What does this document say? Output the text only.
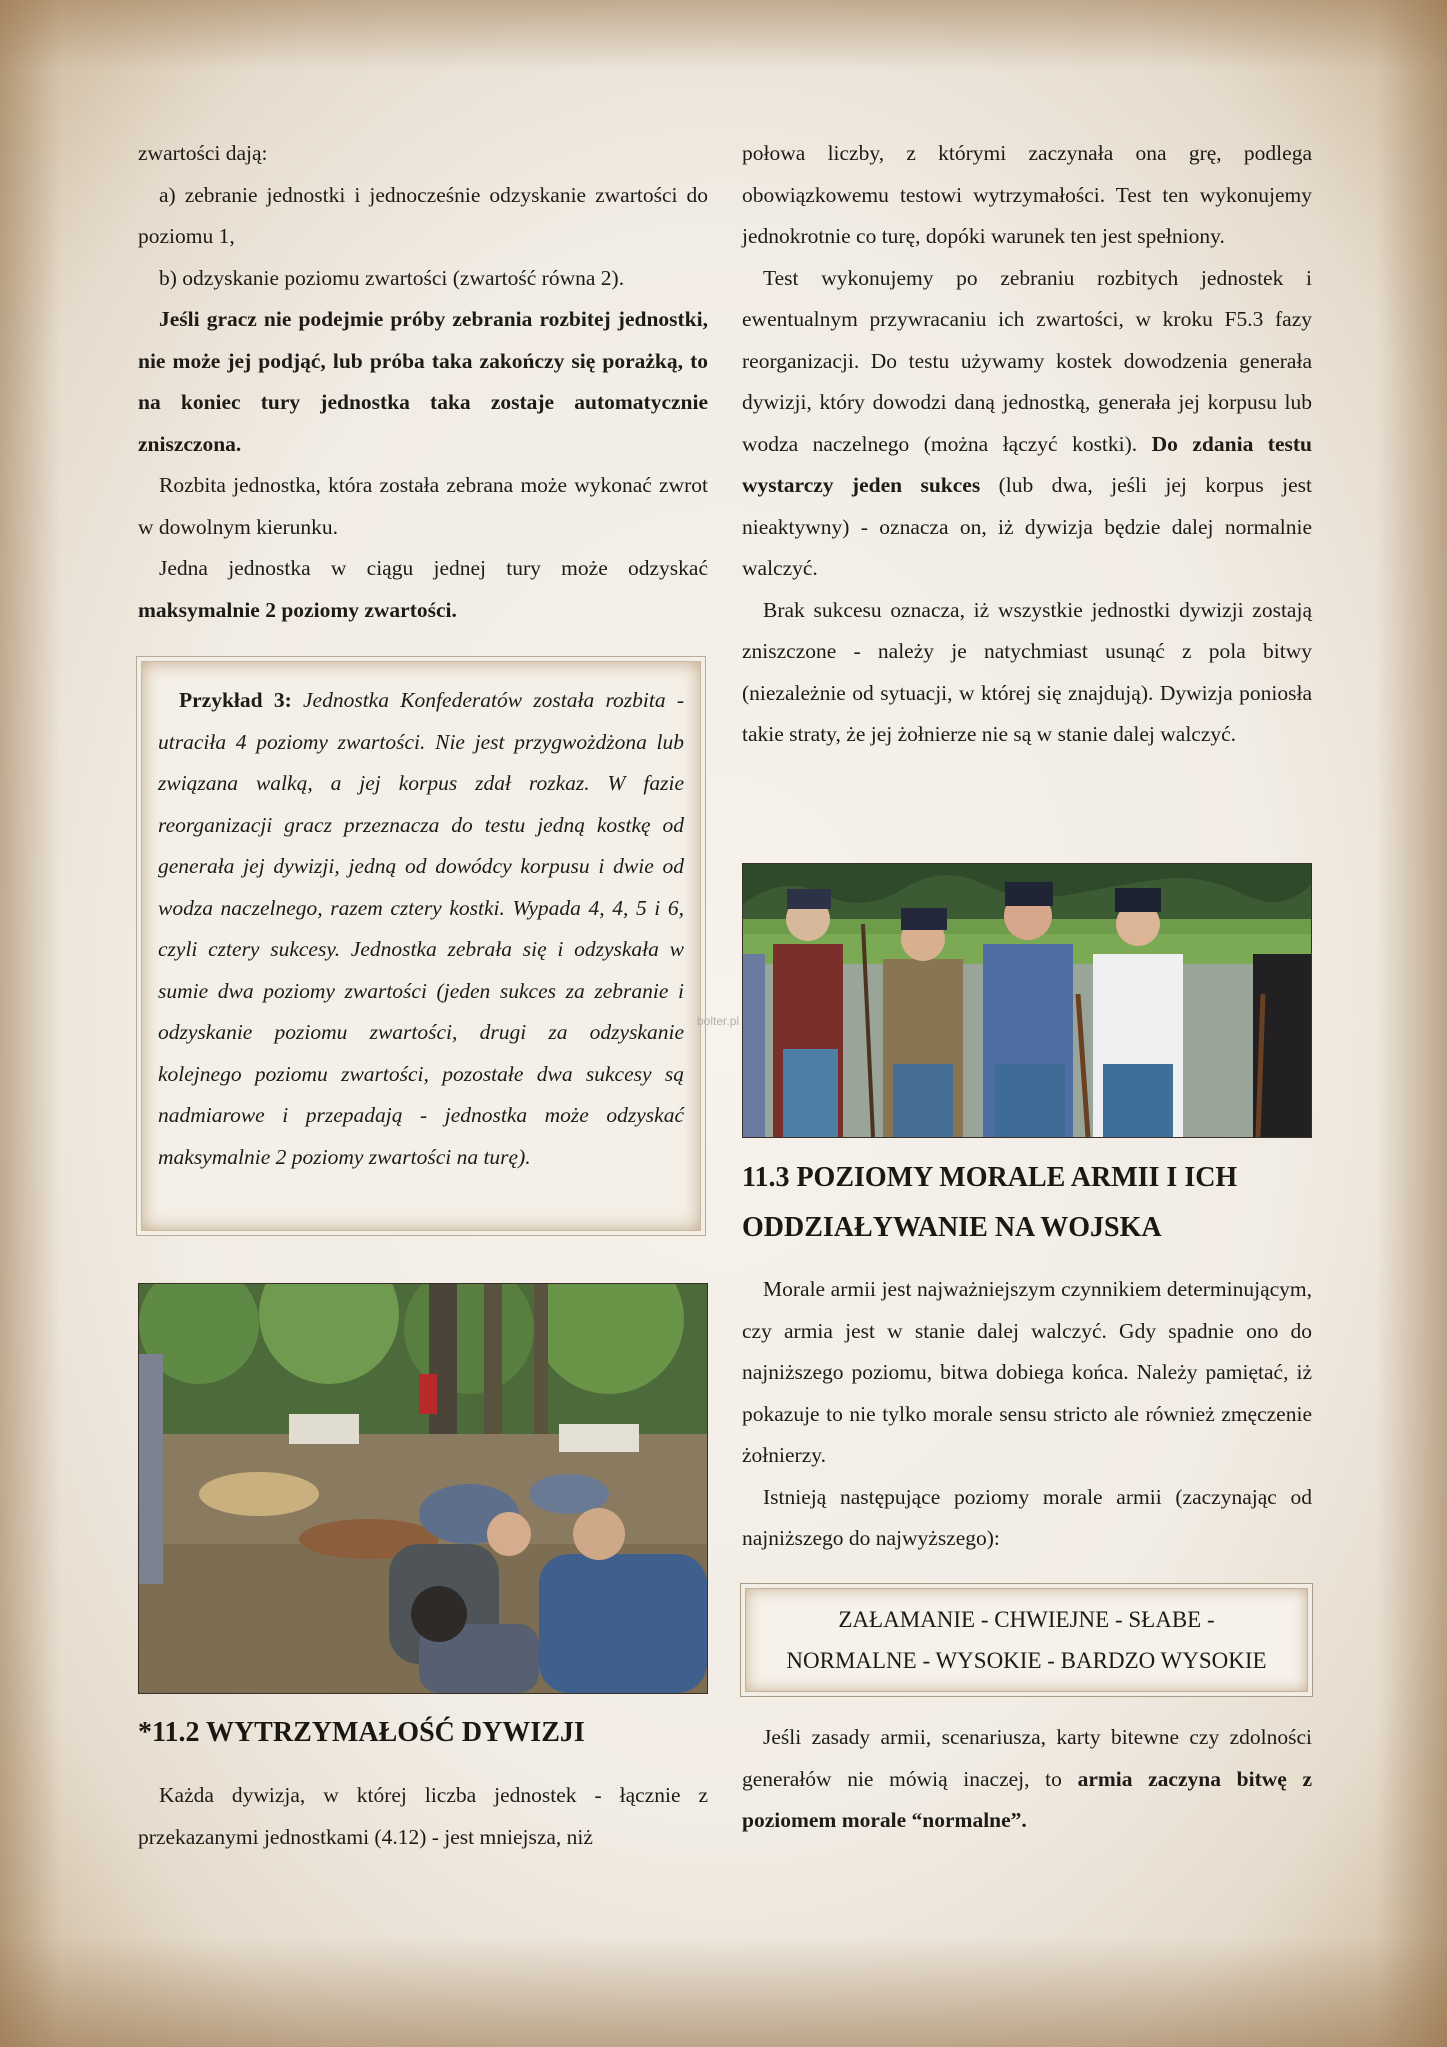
zwartości dają:

a) zebranie jednostki i jednocześnie odzyskanie zwartości do poziomu 1,

b) odzyskanie poziomu zwartości (zwartość równa 2).

Jeśli gracz nie podejmie próby zebrania rozbitej jednostki, nie może jej podjąć, lub próba taka zakończy się porażką, to na koniec tury jednostka taka zostaje automatycznie zniszczona.

Rozbita jednostka, która została zebrana może wykonać zwrot w dowolnym kierunku.

Jedna jednostka w ciągu jednej tury może odzyskać maksymalnie 2 poziomy zwartości.

Przykład 3: Jednostka Konfederatów została rozbita - utraciła 4 poziomy zwartości. Nie jest przygwożdżona lub związana walką, a jej korpus zdał rozkaz. W fazie reorganizacji gracz przeznacza do testu jedną kostkę od generała jej dywizji, jedną od dowódcy korpusu i dwie od wodza naczelnego, razem cztery kostki. Wypada 4, 4, 5 i 6, czyli cztery sukcesy. Jednostka zebrała się i odzyskała w sumie dwa poziomy zwartości (jeden sukces za zebranie i odzyskanie poziomu zwartości, drugi za odzyskanie kolejnego poziomu zwartości, pozostałe dwa sukcesy są nadmiarowe i przepadają - jednostka może odzyskać maksymalnie 2 poziomy zwartości na turę).

połowa liczby, z którymi zaczynała ona grę, podlega obowiązkowemu testowi wytrzymałości. Test ten wykonujemy jednokrotnie co turę, dopóki warunek ten jest spełniony.

Test wykonujemy po zebraniu rozbitych jednostek i ewentualnym przywracaniu ich zwartości, w kroku F5.3 fazy reorganizacji. Do testu używamy kostek dowodzenia generała dywizji, który dowodzi daną jednostką, generała jej korpusu lub wodza naczelnego (można łączyć kostki). Do zdania testu wystarczy jeden sukces (lub dwa, jeśli jej korpus jest nieaktywny) - oznacza on, iż dywizja będzie dalej normalnie walczyć.

Brak sukcesu oznacza, iż wszystkie jednostki dywizji zostają zniszczone - należy je natychmiast usunąć z pola bitwy (niezależnie od sytuacji, w której się znajdują). Dywizja poniosła takie straty, że jej żołnierze nie są w stanie dalej walczyć.

bolter.pl
11.3 POZIOMY MORALE ARMII I ICH ODDZIAŁYWANIE NA WOJSKA

Morale armii jest najważniejszym czynnikiem determinującym, czy armia jest w stanie dalej walczyć. Gdy spadnie ono do najniższego poziomu, bitwa dobiega końca. Należy pamiętać, iż pokazuje to nie tylko morale sensu stricto ale również zmęczenie żołnierzy.

Istnieją następujące poziomy morale armii (zaczynając od najniższego do najwyższego):

ZAŁAMANIE - CHWIEJNE - SŁABE -
NORMALNE - WYSOKIE - BARDZO WYSOKIE

Jeśli zasady armii, scenariusza, karty bitewne czy zdolności generałów nie mówią inaczej, to armia zaczyna bitwę z poziomem morale “normalne”.

*11.2 WYTRZYMAŁOŚĆ DYWIZJI

Każda dywizja, w której liczba jednostek - łącznie z przekazanymi jednostkami (4.12) - jest mniejsza, niż
